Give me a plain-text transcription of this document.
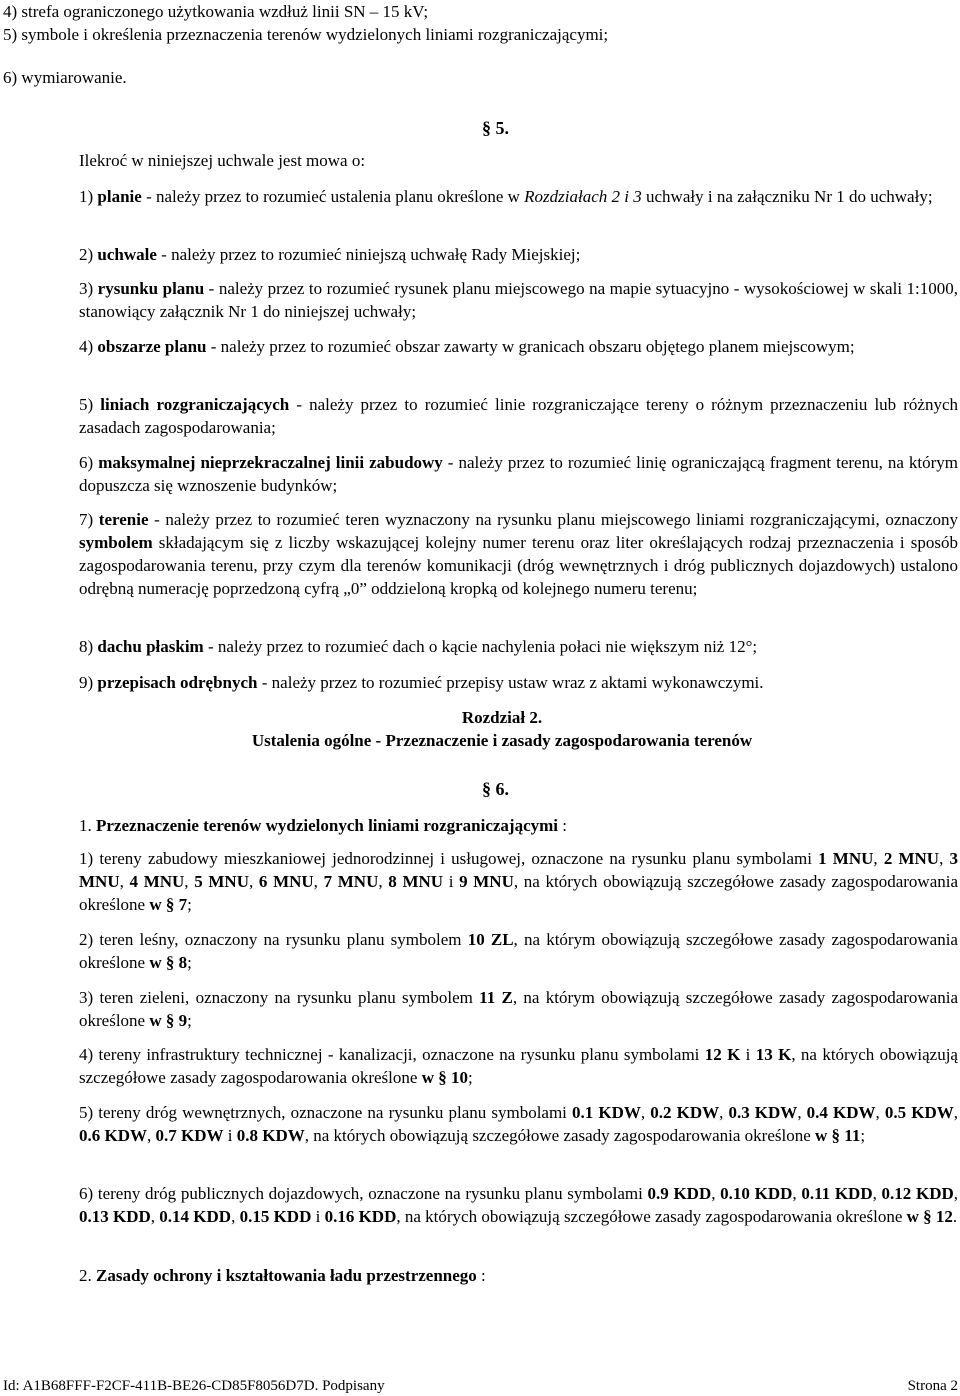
4) strefa ograniczonego użytkowania wzdłuż linii SN – 15 kV;
5) symbole i określenia przeznaczenia terenów wydzielonych liniami rozgraniczającymi;
6) wymiarowanie.
§ 5.
Ilekroć w niniejszej uchwale jest mowa o:
1) planie - należy przez to rozumieć ustalenia planu określone w Rozdziałach 2 i 3 uchwały i na załączniku Nr 1 do uchwały;
2) uchwale - należy przez to rozumieć niniejszą uchwałę Rady Miejskiej;
3) rysunku planu - należy przez to rozumieć rysunek planu miejscowego na mapie sytuacyjno - wysokościowej w skali 1:1000, stanowiący załącznik Nr 1 do niniejszej uchwały;
4) obszarze planu - należy przez to rozumieć obszar zawarty w granicach obszaru objętego planem miejscowym;
5) liniach rozgraniczających - należy przez to rozumieć linie rozgraniczające tereny o różnym przeznaczeniu lub różnych zasadach zagospodarowania;
6) maksymalnej nieprzekraczalnej linii zabudowy - należy przez to rozumieć linię ograniczającą fragment terenu, na którym dopuszcza się wznoszenie budynków;
7) terenie - należy przez to rozumieć teren wyznaczony na rysunku planu miejscowego liniami rozgraniczającymi, oznaczony symbolem składającym się z liczby wskazującej kolejny numer terenu oraz liter określających rodzaj przeznaczenia i sposób zagospodarowania terenu, przy czym dla terenów komunikacji (dróg wewnętrznych i dróg publicznych dojazdowych) ustalono odrębną numerację poprzedzoną cyfrą „0” oddzieloną kropką od kolejnego numeru terenu;
8) dachu płaskim - należy przez to rozumieć dach o kącie nachylenia połaci nie większym niż 12°;
9) przepisach odrębnych - należy przez to rozumieć przepisy ustaw wraz z aktami wykonawczymi.
Rozdział 2.
Ustalenia ogólne - Przeznaczenie i zasady zagospodarowania terenów
§ 6.
1. Przeznaczenie terenów wydzielonych liniami rozgraniczającymi :
1) tereny zabudowy mieszkaniowej jednorodzinnej i usługowej, oznaczone na rysunku planu symbolami 1 MNU, 2 MNU, 3 MNU, 4 MNU, 5 MNU, 6 MNU, 7 MNU, 8 MNU i 9 MNU, na których obowiązują szczegółowe zasady zagospodarowania określone w § 7;
2) teren leśny, oznaczony na rysunku planu symbolem 10 ZL, na którym obowiązują szczegółowe zasady zagospodarowania określone w § 8;
3) teren zieleni, oznaczony na rysunku planu symbolem 11 Z, na którym obowiązują szczegółowe zasady zagospodarowania określone w § 9;
4) tereny infrastruktury technicznej - kanalizacji, oznaczone na rysunku planu symbolami 12 K i 13 K, na których obowiązują szczegółowe zasady zagospodarowania określone w § 10;
5) tereny dróg wewnętrznych, oznaczone na rysunku planu symbolami 0.1 KDW, 0.2 KDW, 0.3 KDW, 0.4 KDW, 0.5 KDW, 0.6 KDW, 0.7 KDW i 0.8 KDW, na których obowiązują szczegółowe zasady zagospodarowania określone w § 11;
6) tereny dróg publicznych dojazdowych, oznaczone na rysunku planu symbolami 0.9 KDD, 0.10 KDD, 0.11 KDD, 0.12 KDD, 0.13 KDD, 0.14 KDD, 0.15 KDD i 0.16 KDD, na których obowiązują szczegółowe zasady zagospodarowania określone w § 12.
2. Zasady ochrony i kształtowania ładu przestrzennego :
Id: A1B68FFF-F2CF-411B-BE26-CD85F8056D7D. Podpisany	Strona 2
